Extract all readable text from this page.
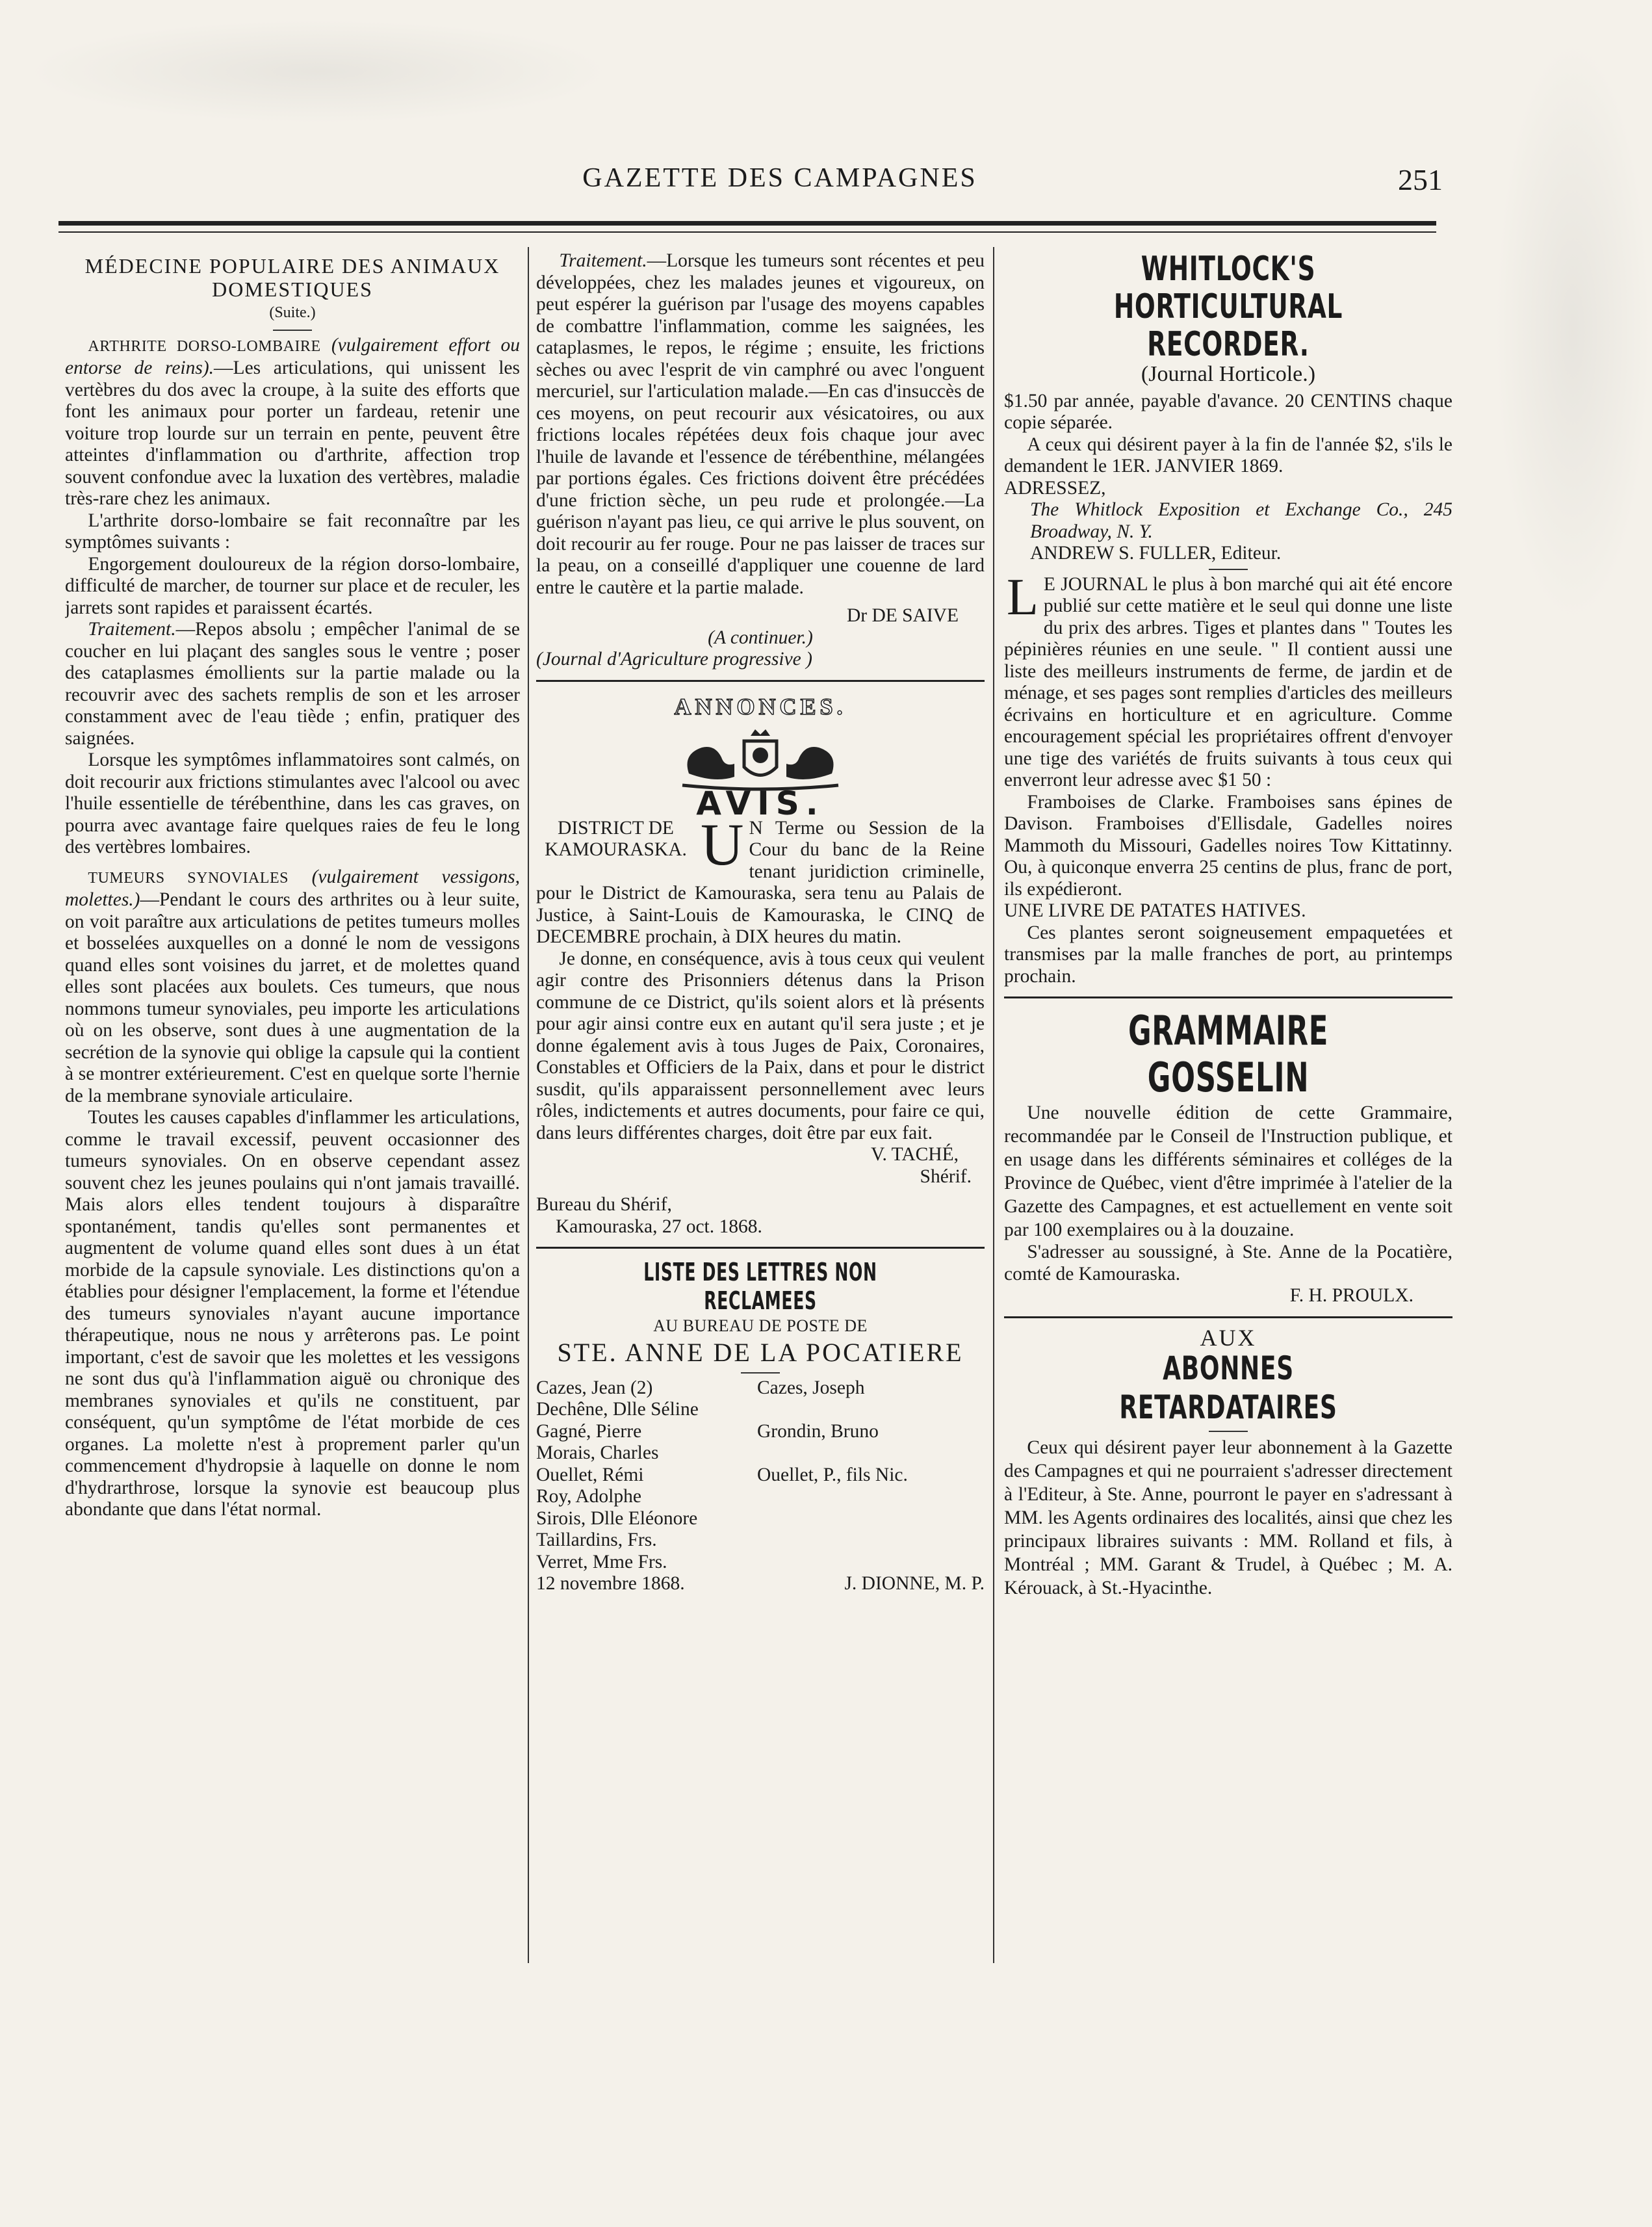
GAZETTE DES CAMPAGNES	251
MÉDECINE POPULAIRE DES ANIMAUX DOMESTIQUES
(Suite.)

ARTHRITE DORSO-LOMBAIRE (vulgairement effort ou entorse de reins).—Les articulations, qui unissent les vertèbres du dos avec la croupe, à la suite des efforts que font les animaux pour porter un fardeau, retenir une voiture trop lourde sur un terrain en pente, peuvent être atteintes d'inflammation ou d'arthrite, affection trop souvent confondue avec la luxation des vertèbres, maladie très-rare chez les animaux.

L'arthrite dorso-lombaire se fait reconnaître par les symptômes suivants :

Engorgement douloureux de la région dorso-lombaire, difficulté de marcher, de tourner sur place et de reculer, les jarrets sont rapides et paraissent écartés.

Traitement.—Repos absolu ; empêcher l'animal de se coucher en lui plaçant des sangles sous le ventre ; poser des cataplasmes émollients sur la partie malade ou la recouvrir avec des sachets remplis de son et les arroser constamment avec de l'eau tiède ; enfin, pratiquer des saignées.

Lorsque les symptômes inflammatoires sont calmés, on doit recourir aux frictions stimulantes avec l'alcool ou avec l'huile essentielle de térébenthine, dans les cas graves, on pourra avec avantage faire quelques raies de feu le long des vertèbres lombaires.

TUMEURS SYNOVIALES (vulgairement vessigons, molettes.)—Pendant le cours des arthrites ou à leur suite, on voit paraître aux articulations de petites tumeurs molles et bosselées auxquelles on a donné le nom de vessigons quand elles sont voisines du jarret, et de molettes quand elles sont placées aux boulets. Ces tumeurs, que nous nommons tumeur synoviales, peu importe les articulations où on les observe, sont dues à une augmentation de la secrétion de la synovie qui oblige la capsule qui la contient à se montrer extérieurement. C'est en quelque sorte l'hernie de la membrane synoviale articulaire.

Toutes les causes capables d'inflammer les articulations, comme le travail excessif, peuvent occasionner des tumeurs synoviales. On en observe cependant assez souvent chez les jeunes poulains qui n'ont jamais travaillé. Mais alors elles tendent toujours à disparaître spontanément, tandis qu'elles sont permanentes et augmentent de volume quand elles sont dues à un état morbide de la capsule synoviale. Les distinctions qu'on a établies pour désigner l'emplacement, la forme et l'étendue des tumeurs synoviales n'ayant aucune importance thérapeutique, nous ne nous y arrêterons pas. Le point important, c'est de savoir que les molettes et les vessigons ne sont dus qu'à l'inflammation aiguë ou chronique des membranes synoviales et qu'ils ne constituent, par conséquent, qu'un symptôme de l'état morbide de ces organes. La molette n'est à proprement parler qu'un commencement d'hydropsie à laquelle on donne le nom d'hydrarthrose, lorsque la synovie est beaucoup plus abondante que dans l'état normal.

Traitement.—Lorsque les tumeurs sont récentes et peu développées, chez les malades jeunes et vigoureux, on peut espérer la guérison par l'usage des moyens capables de combattre l'inflammation, comme les saignées, les cataplasmes, le repos, le régime ; ensuite, les frictions sèches ou avec l'esprit de vin camphré ou avec l'onguent mercuriel, sur l'articulation malade.—En cas d'insuccès de ces moyens, on peut recourir aux vésicatoires, ou aux frictions locales répétées deux fois chaque jour avec l'huile de lavande et l'essence de térébenthine, mélangées par portions égales. Ces frictions doivent être précédées d'une friction sèche, un peu rude et prolongée.—La guérison n'ayant pas lieu, ce qui arrive le plus souvent, on doit recourir au fer rouge. Pour ne pas laisser de traces sur la peau, on a conseillé d'appliquer une couenne de lard entre le cautère et la partie malade.

Dr DE SAIVE

(A continuer.)

(Journal d'Agriculture progressive )

ANNONCES.
AVIS.
DISTRICT DE KAMOURASKA. U N Terme ou Session de la Cour du banc de la Reine tenant juridiction criminelle, pour le District de Kamouraska, sera tenu au Palais de Justice, à Saint-Louis de Kamouraska, le CINQ de DECEMBRE prochain, à DIX heures du matin.

Je donne, en conséquence, avis à tous ceux qui veulent agir contre des Prisonniers détenus dans la Prison commune de ce District, qu'ils soient alors et là présents pour agir ainsi contre eux en autant qu'il sera juste ; et je donne également avis à tous Juges de Paix, Coronaires, Constables et Officiers de la Paix, dans et pour le district susdit, qu'ils apparaissent personnellement avec leurs rôles, indictements et autres documents, pour faire ce qui, dans leurs différentes charges, doit être par eux fait.

V. TACHÉ,

Shérif.

Bureau du Shérif,

Kamouraska, 27 oct. 1868.

LISTE DES LETTRES NON RECLAMEES
AU BUREAU DE POSTE DE
STE. ANNE DE LA POCATIERE
Cazes, Jean (2)	Cazes, Joseph
Dechêne, Dlle Séline
Gagné, Pierre	Grondin, Bruno
Morais, Charles
Ouellet, Rémi	Ouellet, P., fils Nic.
Roy, Adolphe
Sirois, Dlle Eléonore
Taillardins, Frs.
Verret, Mme Frs.
12 novembre 1868.	J. DIONNE, M. P.
WHITLOCK'S HORTICULTURAL RECORDER.
(Journal Horticole.)

$1.50 par année, payable d'avance. 20 CENTINS chaque copie séparée.

A ceux qui désirent payer à la fin de l'année $2, s'ils le demandent le 1ER. JANVIER 1869.

ADRESSEZ,

The Whitlock Exposition et Exchange Co., 245 Broadway, N. Y.

ANDREW S. FULLER, Editeur.

L E JOURNAL le plus à bon marché qui ait été encore publié sur cette matière et le seul qui donne une liste du prix des arbres. Tiges et plantes dans " Toutes les pépinières réunies en une seule. " Il contient aussi une liste des meilleurs instruments de ferme, de jardin et de ménage, et ses pages sont remplies d'articles des meilleurs écrivains en horticulture et en agriculture. Comme encouragement spécial les propriétaires offrent d'envoyer une tige des variétés de fruits suivants à tous ceux qui enverront leur adresse avec $1 50 :

Framboises de Clarke. Framboises sans épines de Davison. Framboises d'Ellisdale, Gadelles noires Mammoth du Missouri, Gadelles noires Tow Kittatinny. Ou, à quiconque enverra 25 centins de plus, franc de port, ils expédieront.

UNE LIVRE DE PATATES HATIVES.

Ces plantes seront soigneusement empaquetées et transmises par la malle franches de port, au printemps prochain.

GRAMMAIRE GOSSELIN

Une nouvelle édition de cette Grammaire, recommandée par le Conseil de l'Instruction publique, et en usage dans les différents séminaires et colléges de la Province de Québec, vient d'être imprimée à l'atelier de la Gazette des Campagnes, et est actuellement en vente soit par 100 exemplaires ou à la douzaine.

S'adresser au soussigné, à Ste. Anne de la Pocatière, comté de Kamouraska.

F. H. PROULX.

AUX
ABONNES RETARDATAIRES

Ceux qui désirent payer leur abonnement à la Gazette des Campagnes et qui ne pourraient s'adresser directement à l'Editeur, à Ste. Anne, pourront le payer en s'adressant à MM. les Agents ordinaires des localités, ainsi que chez les principaux libraires suivants : MM. Rolland et fils, à Montréal ; MM. Garant & Trudel, à Québec ; M. A. Kérouack, à St.-Hyacinthe.
